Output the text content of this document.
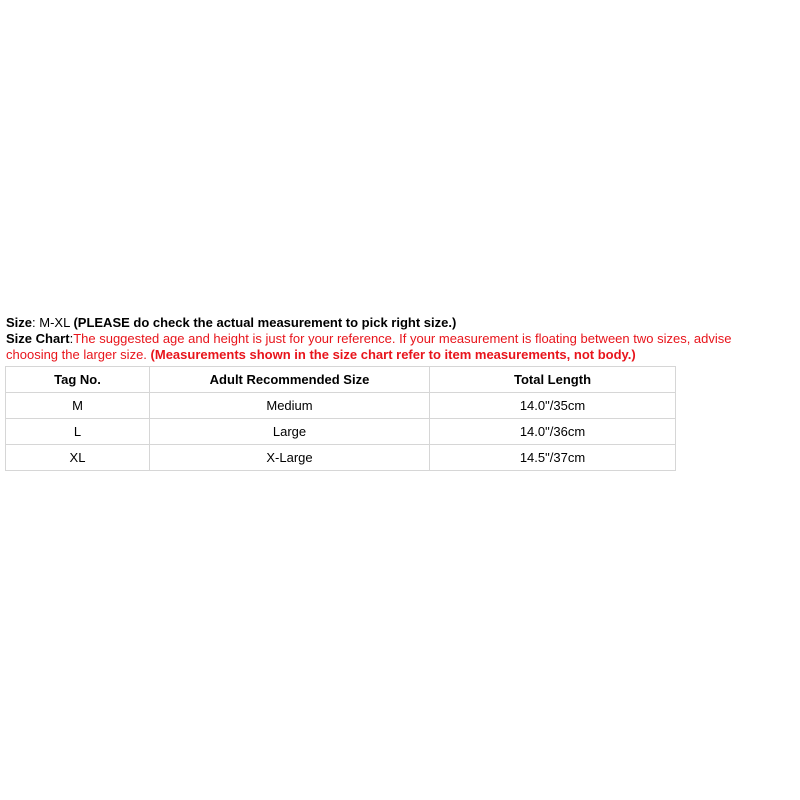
Size: M-XL (PLEASE do check the actual measurement to pick right size.)
Size Chart:The suggested age and height is just for your reference. If your measurement is floating between two sizes, advise
choosing the larger size. (Measurements shown in the size chart refer to item measurements, not body.)
Tag No.	Adult Recommended Size	Total Length
M	Medium	14.0"/35cm
L	Large	14.0"/36cm
XL	X-Large	14.5"/37cm
